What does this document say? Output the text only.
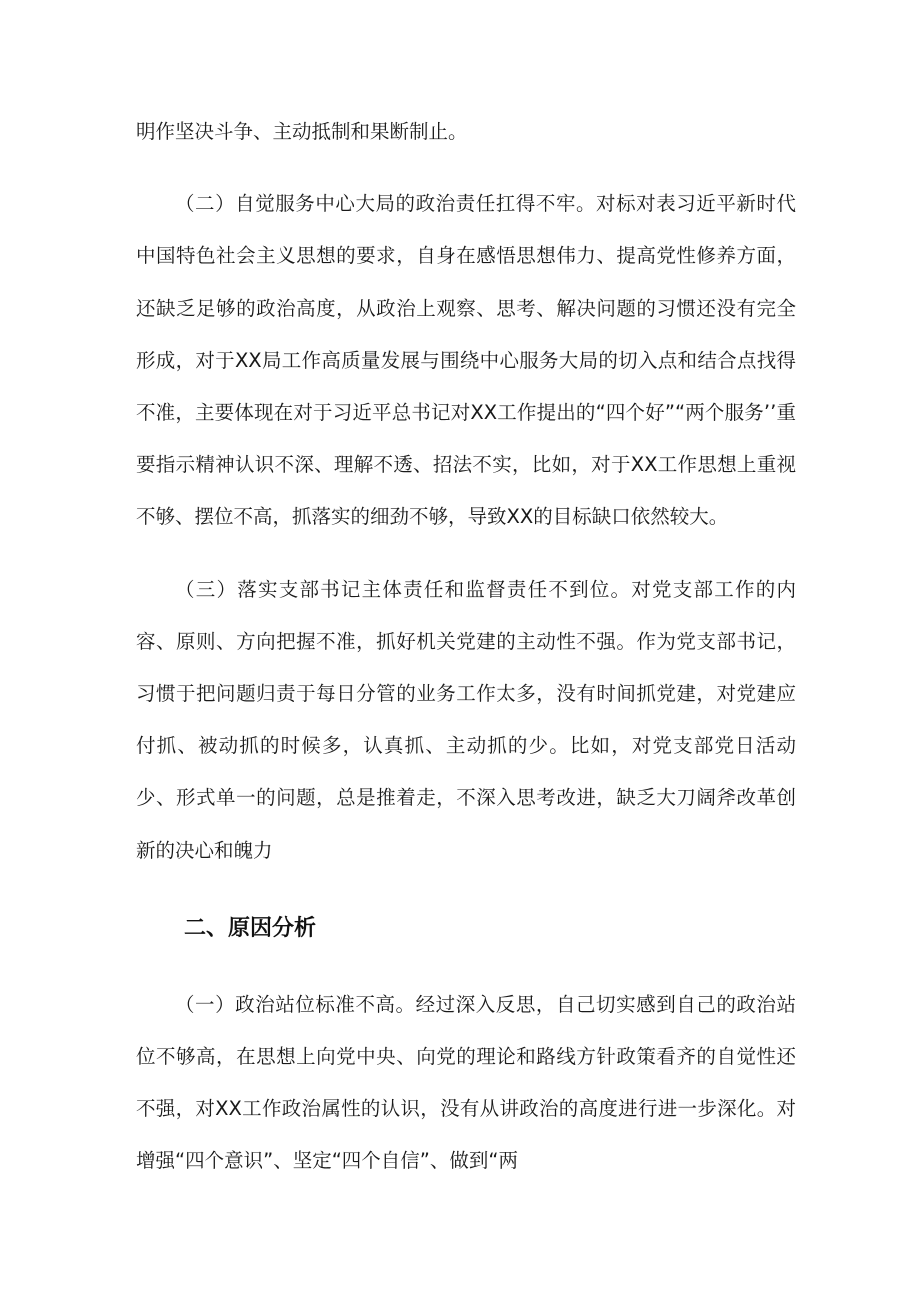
明作坚决斗争、主动抵制和果断制止。

（二）自觉服务中心大局的政治责任扛得不牢。对标对表习近平新时代中国特色社会主义思想的要求，自身在感悟思想伟力、提高党性修养方面，还缺乏足够的政治高度，从政治上观察、思考、解决问题的习惯还没有完全形成，对于XX局工作高质量发展与围绕中心服务大局的切入点和结合点找得不准，主要体现在对于习近平总书记对XX工作提出的“四个好”“两个服务’’重要指示精神认识不深、理解不透、招法不实，比如，对于XX工作思想上重视不够、摆位不高，抓落实的细劲不够，导致XX的目标缺口依然较大。

（三）落实支部书记主体责任和监督责任不到位。对党支部工作的内容、原则、方向把握不准，抓好机关党建的主动性不强。作为党支部书记，习惯于把问题归责于每日分管的业务工作太多，没有时间抓党建，对党建应付抓、被动抓的时候多，认真抓、主动抓的少。比如，对党支部党日活动少、形式单一的问题，总是推着走，不深入思考改进，缺乏大刀阔斧改革创新的决心和魄力

二、原因分析

（一）政治站位标准不高。经过深入反思，自己切实感到自己的政治站位不够高，在思想上向党中央、向党的理论和路线方针政策看齐的自觉性还不强，对XX工作政治属性的认识，没有从讲政治的高度进行进一步深化。对增强“四个意识”、坚定“四个自信”、做到“两
